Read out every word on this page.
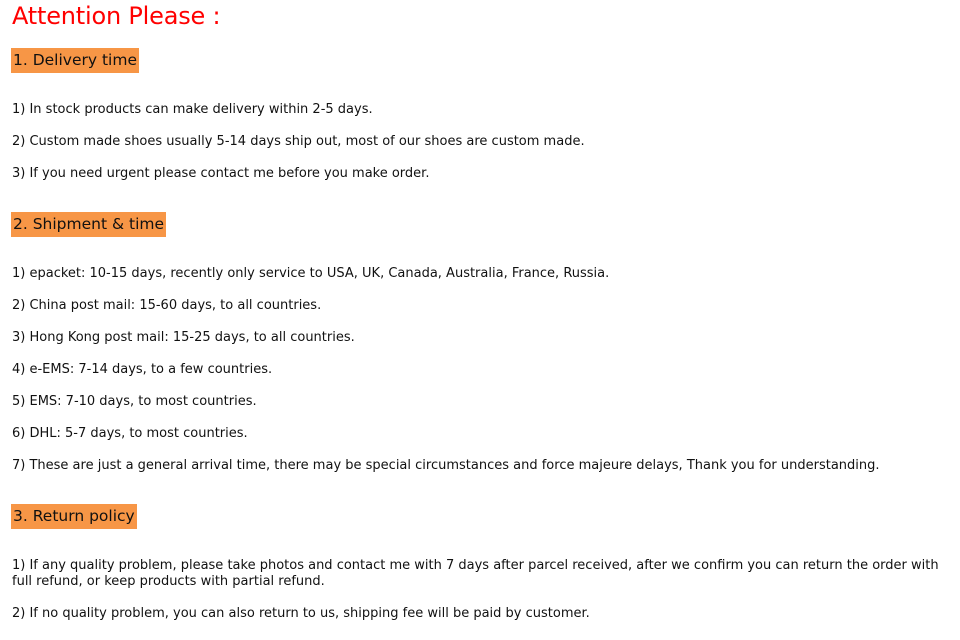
Attention Please :
1. Delivery time

1) In stock products can make delivery within 2-5 days.

2) Custom made shoes usually 5-14 days ship out, most of our shoes are custom made.

3) If you need urgent please contact me before you make order.

2. Shipment & time

1) epacket: 10-15 days, recently only service to USA, UK, Canada, Australia, France, Russia.

2) China post mail: 15-60 days, to all countries.

3) Hong Kong post mail: 15-25 days, to all countries.

4) e-EMS: 7-14 days, to a few countries.

5) EMS: 7-10 days, to most countries.

6) DHL: 5-7 days, to most countries.

7) These are just a general arrival time, there may be special circumstances and force majeure delays, Thank you for understanding.

3. Return policy

1) If any quality problem, please take photos and contact me with 7 days after parcel received, after we confirm you can return the order with full refund, or keep products with partial refund.

2) If no quality problem, you can also return to us, shipping fee will be paid by customer.
